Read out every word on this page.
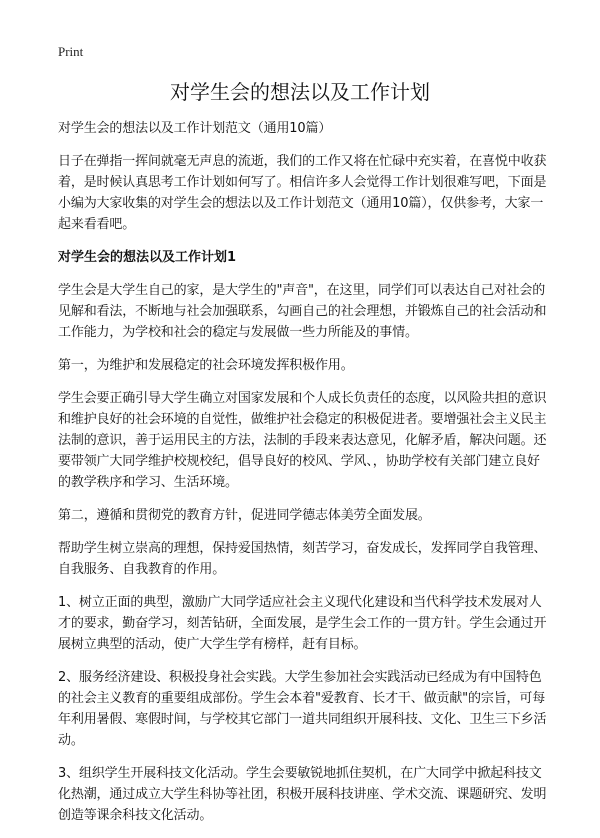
Print
对学生会的想法以及工作计划

对学生会的想法以及工作计划范文（通用10篇）

日子在弹指一挥间就毫无声息的流逝，我们的工作又将在忙碌中充实着，在喜悦中收获着，是时候认真思考工作计划如何写了。相信许多人会觉得工作计划很难写吧，下面是小编为大家收集的对学生会的想法以及工作计划范文（通用10篇），仅供参考，大家一起来看看吧。

对学生会的想法以及工作计划1

学生会是大学生自己的家，是大学生的"声音"，在这里，同学们可以表达自己对社会的见解和看法，不断地与社会加强联系，勾画自己的社会理想，并锻炼自己的社会活动和工作能力，为学校和社会的稳定与发展做一些力所能及的事情。

第一，为维护和发展稳定的社会环境发挥积极作用。

学生会要正确引导大学生确立对国家发展和个人成长负责任的态度，以风险共担的意识和维护良好的社会环境的自觉性，做维护社会稳定的积极促进者。要增强社会主义民主法制的意识，善于运用民主的方法，法制的手段来表达意见，化解矛盾，解决问题。还要带领广大同学维护校规校纪，倡导良好的校风、学风、，协助学校有关部门建立良好的教学秩序和学习、生活环境。

第二，遵循和贯彻党的教育方针，促进同学德志体美劳全面发展。

帮助学生树立崇高的理想，保持爱国热情，刻苦学习，奋发成长，发挥同学自我管理、自我服务、自我教育的作用。

1、树立正面的典型，激励广大同学适应社会主义现代化建设和当代科学技术发展对人才的要求，勤奋学习，刻苦钻研，全面发展，是学生会工作的一贯方针。学生会通过开展树立典型的活动，使广大学生学有榜样，赶有目标。

2、服务经济建设、积极投身社会实践。大学生参加社会实践活动已经成为有中国特色的社会主义教育的重要组成部份。学生会本着"爱教育、长才干、做贡献"的宗旨，可每年利用暑假、寒假时间，与学校其它部门一道共同组织开展科技、文化、卫生三下乡活动。

3、组织学生开展科技文化活动。学生会要敏锐地抓住契机，在广大同学中掀起科技文化热潮，通过成立大学生科协等社团，积极开展科技讲座、学术交流、课题研究、发明创造等课余科技文化活动。
